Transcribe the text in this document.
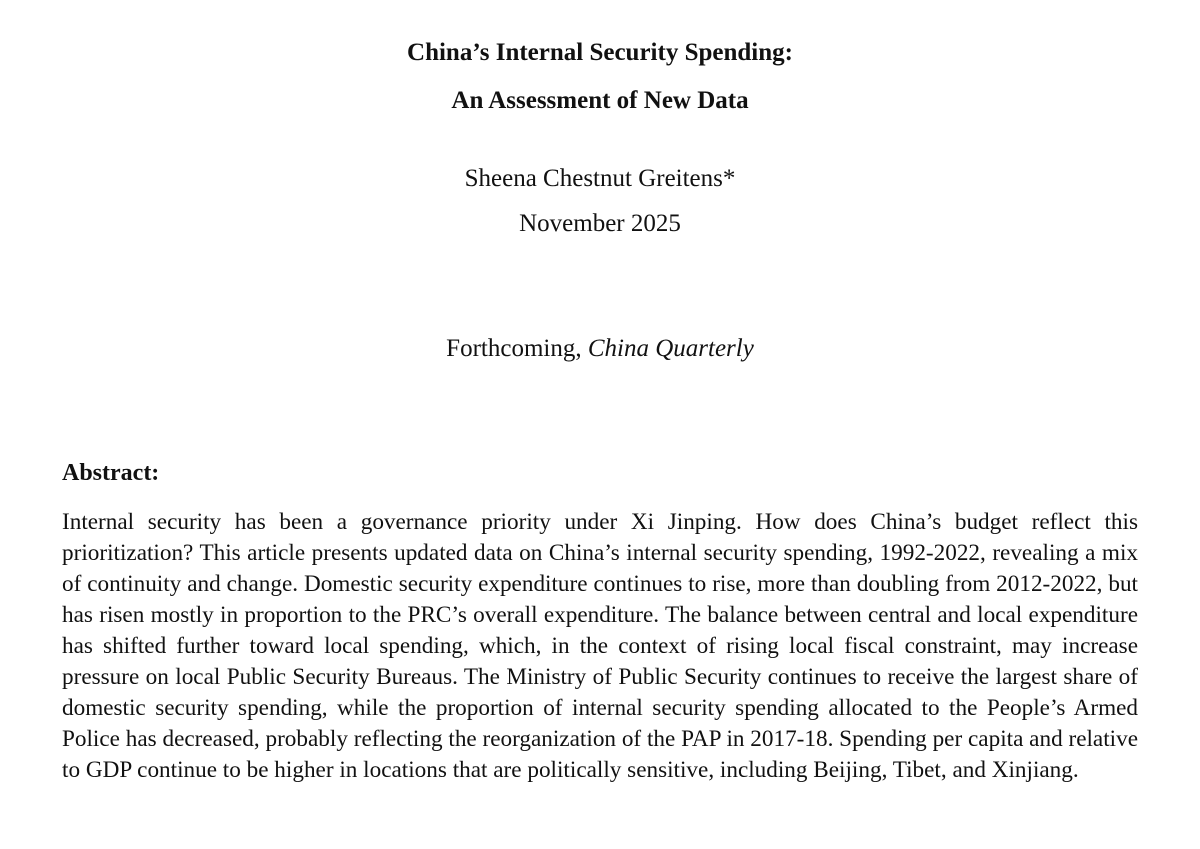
China’s Internal Security Spending:
An Assessment of New Data
Sheena Chestnut Greitens*
November 2025
Forthcoming, China Quarterly
Abstract:

Internal security has been a governance priority under Xi Jinping. How does China’s budget reflect this prioritization? This article presents updated data on China’s internal security spending, 1992-2022, revealing a mix of continuity and change. Domestic security expenditure continues to rise, more than doubling from 2012-2022, but has risen mostly in proportion to the PRC’s overall expenditure. The balance between central and local expenditure has shifted further toward local spending, which, in the context of rising local fiscal constraint, may increase pressure on local Public Security Bureaus. The Ministry of Public Security continues to receive the largest share of domestic security spending, while the proportion of internal security spending allocated to the People’s Armed Police has decreased, probably reflecting the reorganization of the PAP in 2017-18. Spending per capita and relative to GDP continue to be higher in locations that are politically sensitive, including Beijing, Tibet, and Xinjiang.
